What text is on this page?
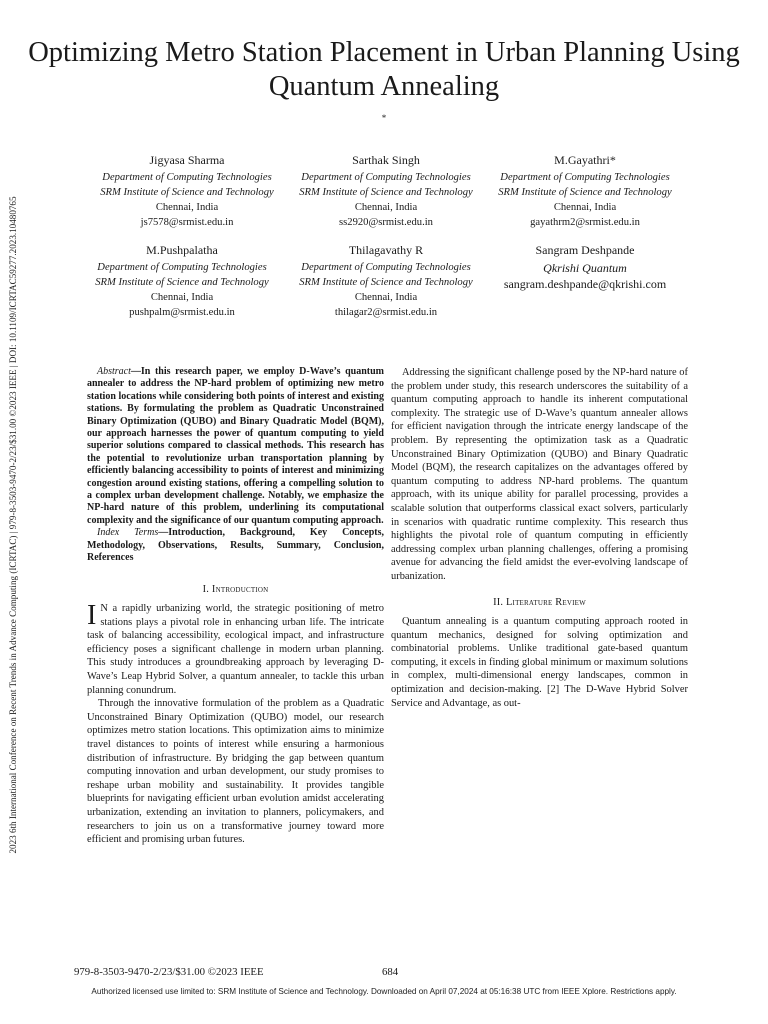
2023 6th International Conference on Recent Trends in Advance Computing (ICRTAC) | 979-8-3503-9470-2/23/$31.00 ©2023 IEEE | DOI: 10.1109/ICRTAC59277.2023.10480765
Optimizing Metro Station Placement in Urban Planning Using Quantum Annealing
*
Jigyasa Sharma
Department of Computing Technologies
SRM Institute of Science and Technology
Chennai, India
js7578@srmist.edu.in
Sarthak Singh
Department of Computing Technologies
SRM Institute of Science and Technology
Chennai, India
ss2920@srmist.edu.in
M.Gayathri*
Department of Computing Technologies
SRM Institute of Science and Technology
Chennai, India
gayathrm2@srmist.edu.in
M.Pushpalatha
Department of Computing Technologies
SRM Institute of Science and Technology
Chennai, India
pushpalm@srmist.edu.in
Thilagavathy R
Department of Computing Technologies
SRM Institute of Science and Technology
Chennai, India
thilagar2@srmist.edu.in
Sangram Deshpande
Qkrishi Quantum
sangram.deshpande@qkrishi.com

Abstract—In this research paper, we employ D-Wave’s quantum annealer to address the NP-hard problem of optimizing new metro station locations while considering both points of interest and existing stations. By formulating the problem as Quadratic Unconstrained Binary Optimization (QUBO) and Binary Quadratic Model (BQM), our approach harnesses the power of quantum computing to yield superior solutions compared to classical methods. This research has the potential to revolutionize urban transportation planning by efficiently balancing accessibility to points of interest and minimizing congestion around existing stations, offering a compelling solution to a complex urban development challenge. Notably, we emphasize the NP-hard nature of this problem, underlining its computational complexity and the significance of our quantum computing approach.

Index Terms—Introduction, Background, Key Concepts, Methodology, Observations, Results, Summary, Conclusion, References

I. Introduction

I N a rapidly urbanizing world, the strategic positioning of metro stations plays a pivotal role in enhancing urban life. The intricate task of balancing accessibility, ecological impact, and infrastructure efficiency poses a significant challenge in modern urban planning. This study introduces a groundbreaking approach by leveraging D-Wave’s Leap Hybrid Solver, a quantum annealer, to tackle this urban planning conundrum.

Through the innovative formulation of the problem as a Quadratic Unconstrained Binary Optimization (QUBO) model, our research optimizes metro station locations. This optimization aims to minimize travel distances to points of interest while ensuring a harmonious distribution of infrastructure. By bridging the gap between quantum computing innovation and urban development, our study promises to reshape urban mobility and sustainability. It provides tangible blueprints for navigating efficient urban evolution amidst accelerating urbanization, extending an invitation to planners, policymakers, and researchers to join us on a transformative journey toward more efficient and promising urban futures.

Addressing the significant challenge posed by the NP-hard nature of the problem under study, this research underscores the suitability of a quantum computing approach to handle its inherent computational complexity. The strategic use of D-Wave’s quantum annealer allows for efficient navigation through the intricate energy landscape of the problem. By representing the optimization task as a Quadratic Unconstrained Binary Optimization (QUBO) and Binary Quadratic Model (BQM), the research capitalizes on the advantages offered by quantum computing to address NP-hard problems. The quantum approach, with its unique ability for parallel processing, provides a scalable solution that outperforms classical exact solvers, particularly in scenarios with quadratic runtime complexity. This research thus highlights the pivotal role of quantum computing in efficiently addressing complex urban planning challenges, offering a promising avenue for advancing the field amidst the ever-evolving landscape of urbanization.

II. Literature Review

Quantum annealing is a quantum computing approach rooted in quantum mechanics, designed for solving optimization and combinatorial problems. Unlike traditional gate-based quantum computing, it excels in finding global minimum or maximum solutions in complex, multi-dimensional energy landscapes, common in optimization and decision-making. [2] The D-Wave Hybrid Solver Service and Advantage, as out-

979-8-3503-9470-2/23/$31.00 ©2023 IEEE	684
Authorized licensed use limited to: SRM Institute of Science and Technology. Downloaded on April 07,2024 at 05:16:38 UTC from IEEE Xplore. Restrictions apply.
